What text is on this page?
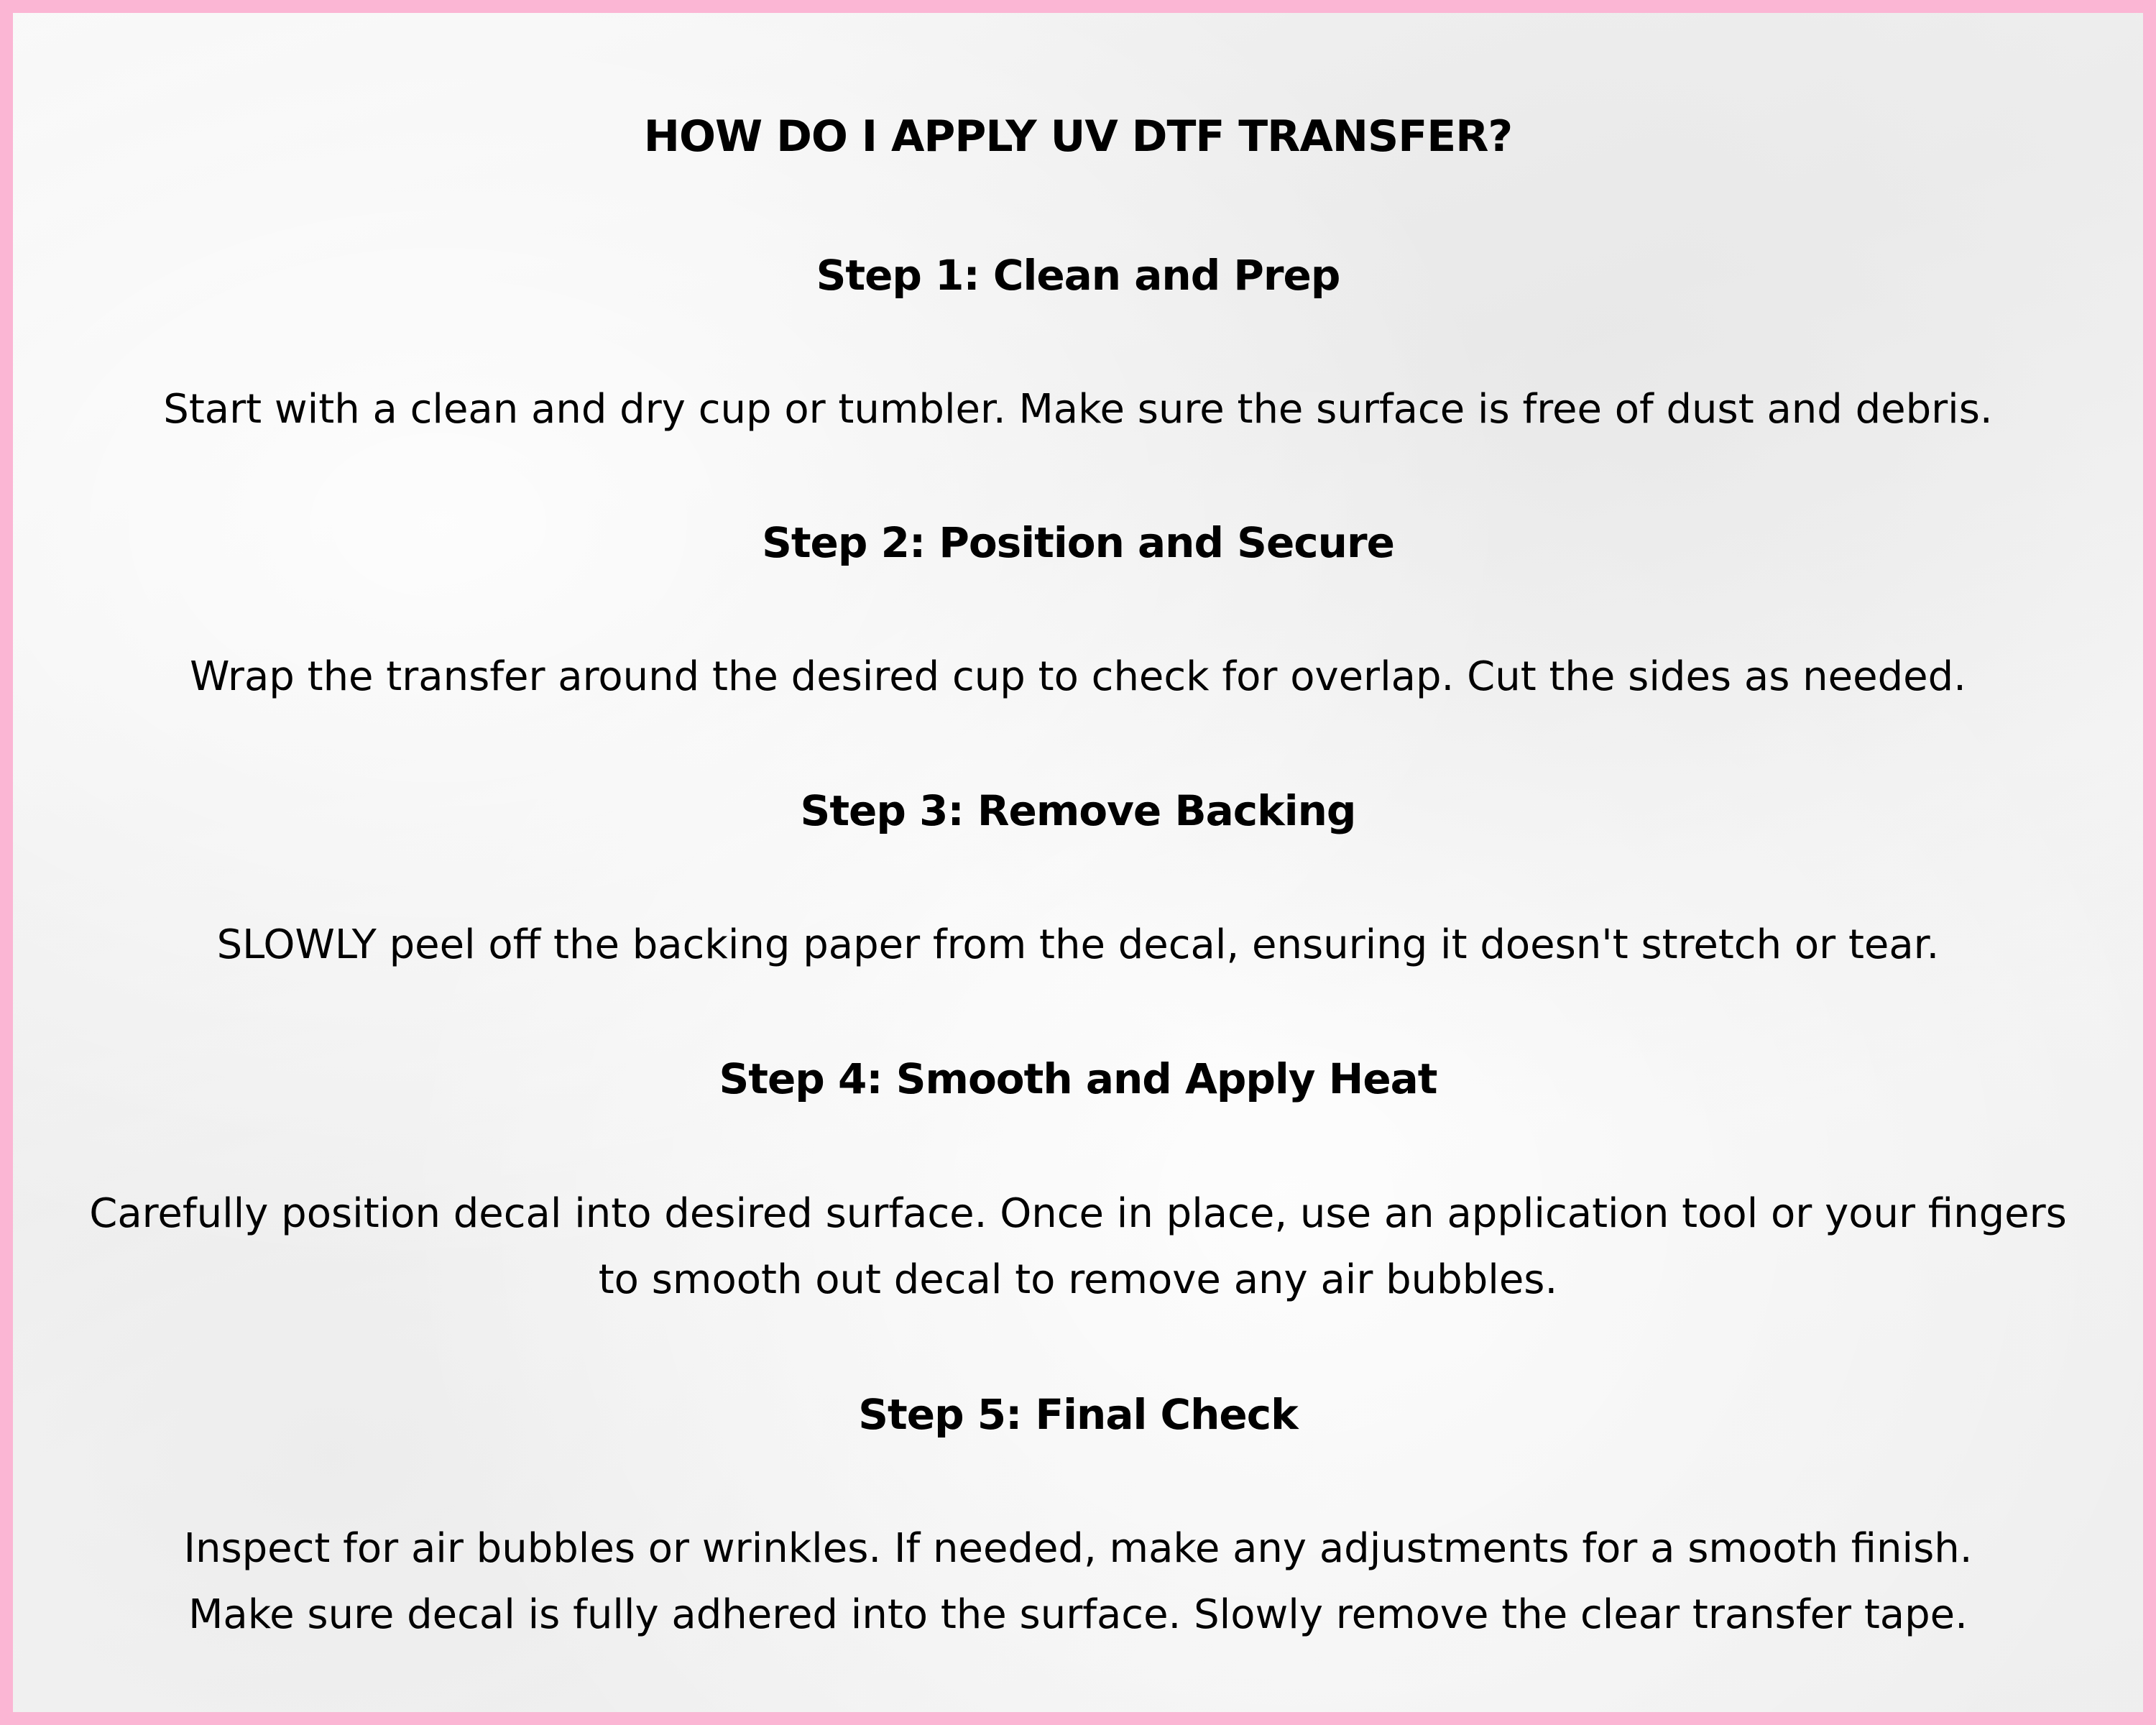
HOW DO I APPLY UV DTF TRANSFER?
Step 1: Clean and Prep
Start with a clean and dry cup or tumbler. Make sure the surface is free of dust and debris.
Step 2: Position and Secure
Wrap the transfer around the desired cup to check for overlap. Cut the sides as needed.
Step 3: Remove Backing
SLOWLY peel off the backing paper from the decal, ensuring it doesn't stretch or tear.
Step 4: Smooth and Apply Heat
Carefully position decal into desired surface. Once in place, use an application tool or your fingers
to smooth out decal to remove any air bubbles.
Step 5: Final Check
Inspect for air bubbles or wrinkles. If needed, make any adjustments for a smooth finish.
Make sure decal is fully adhered into the surface. Slowly remove the clear transfer tape.
